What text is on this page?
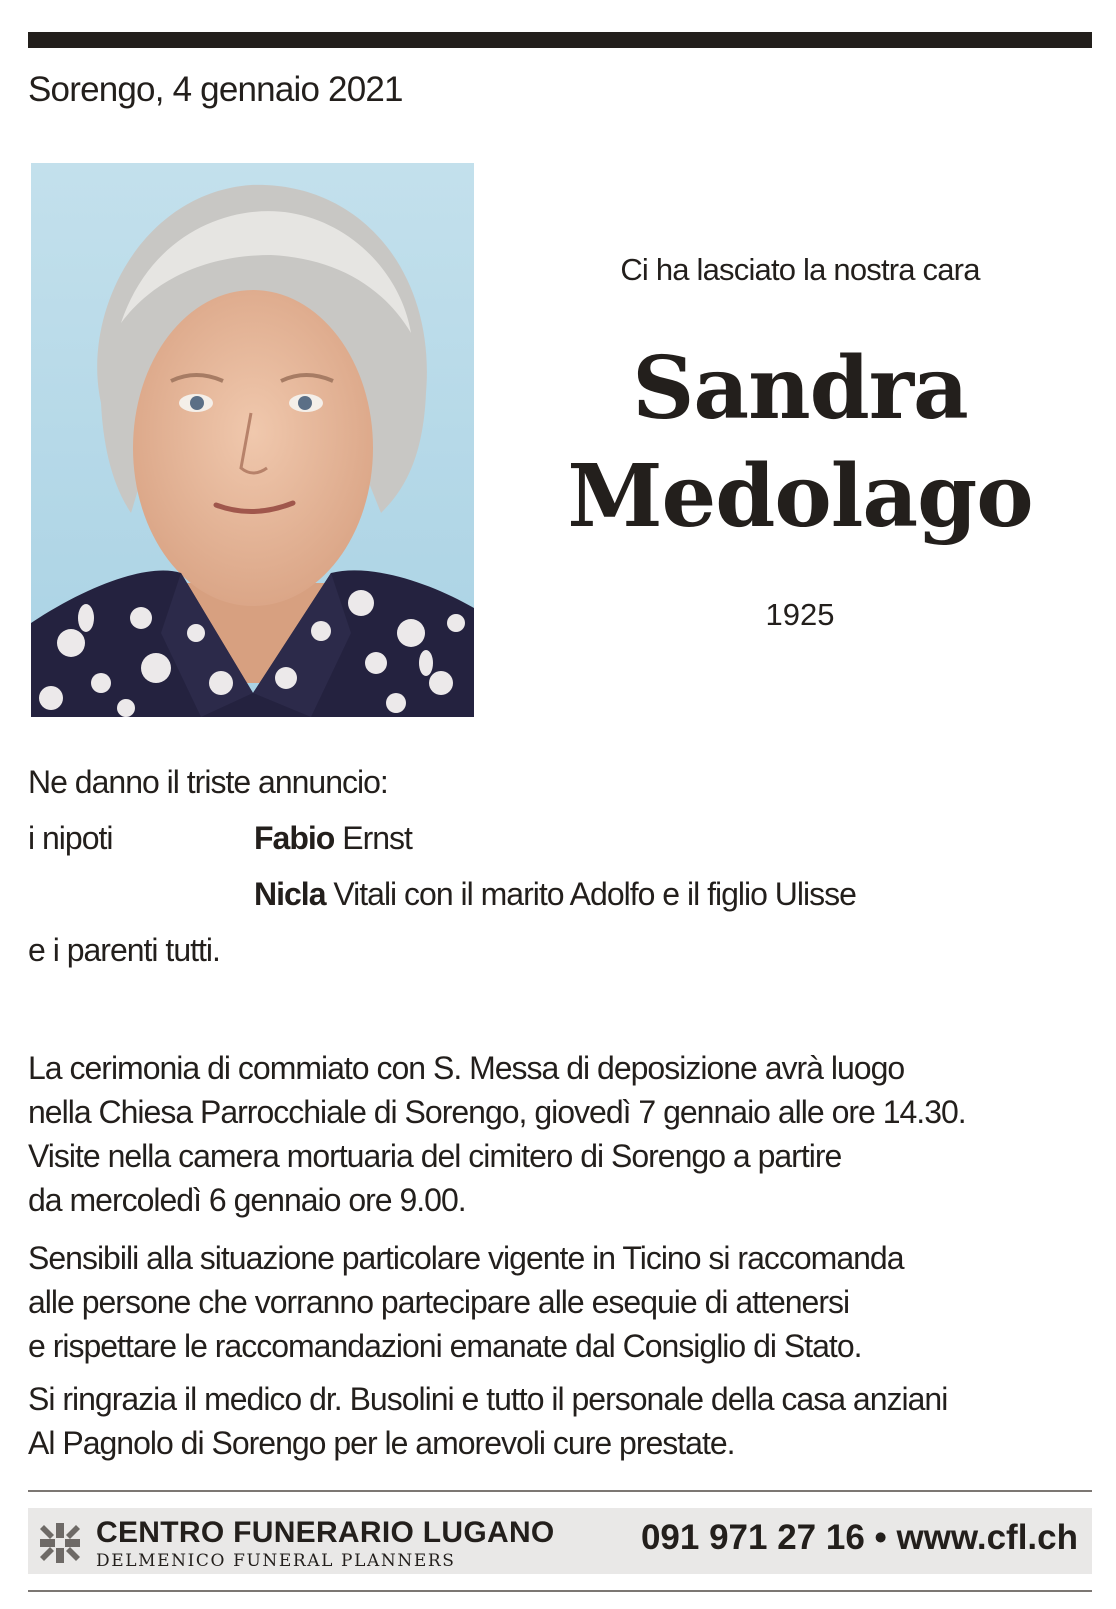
Sorengo, 4 gennaio 2021
Ci ha lasciato la nostra cara
Sandra
Medolago
1925
Ne danno il triste annuncio:
i nipoti	Fabio Ernst
Nicla Vitali con il marito Adolfo e il figlio Ulisse
e i parenti tutti.

La cerimonia di commiato con S. Messa di deposizione avrà luogo

nella Chiesa Parrocchiale di Sorengo, giovedì 7 gennaio alle ore 14.30.

Visite nella camera mortuaria del cimitero di Sorengo a partire

da mercoledì 6 gennaio ore 9.00.

Sensibili alla situazione particolare vigente in Ticino si raccomanda

alle persone che vorranno partecipare alle esequie di attenersi

e rispettare le raccomandazioni emanate dal Consiglio di Stato.

Si ringrazia il medico dr. Busolini e tutto il personale della casa anziani

Al Pagnolo di Sorengo per le amorevoli cure prestate.

CENTRO FUNERARIO LUGANO
DELMENICO FUNERAL PLANNERS
091 971 27 16 • www.cfl.ch
